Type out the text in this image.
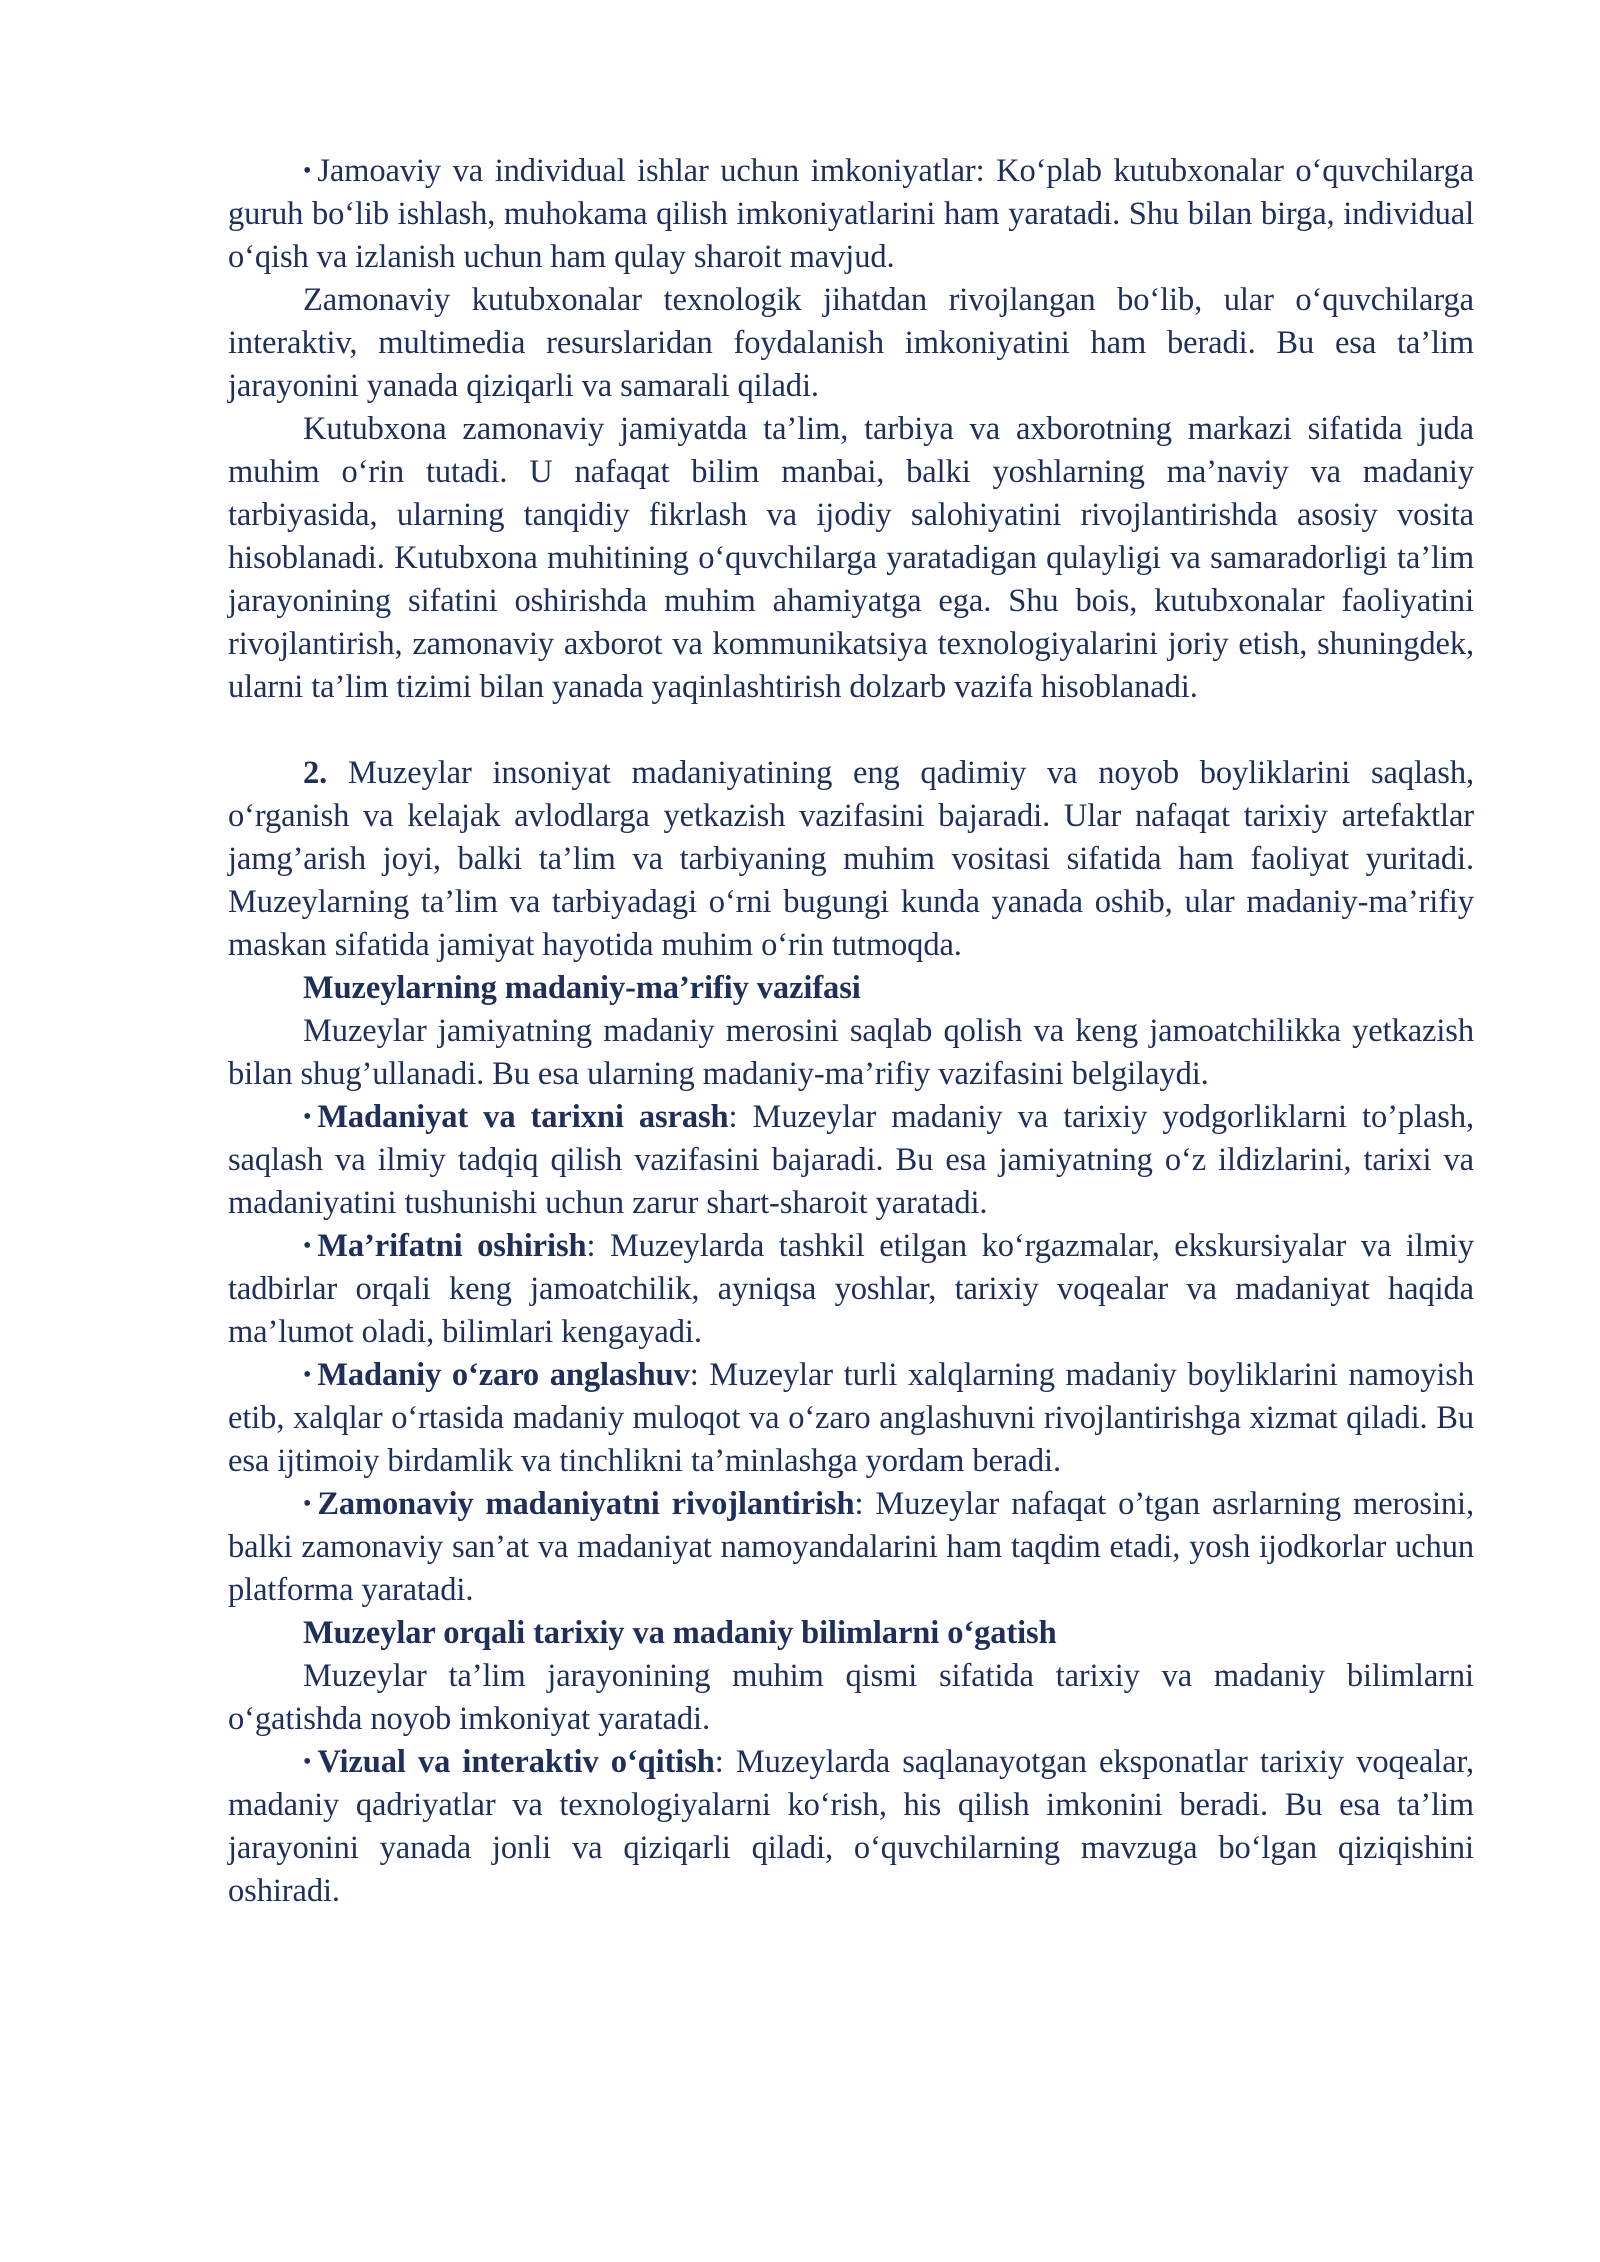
• Jamoaviy va individual ishlar uchun imkoniyatlar: Ko‘plab kutubxonalar o‘quvchilarga guruh bo‘lib ishlash, muhokama qilish imkoniyatlarini ham yaratadi. Shu bilan birga, individual o‘qish va izlanish uchun ham qulay sharoit mavjud.

Zamonaviy kutubxonalar texnologik jihatdan rivojlangan bo‘lib, ular o‘quvchilarga interaktiv, multimedia resurslaridan foydalanish imkoniyatini ham beradi. Bu esa ta’lim jarayonini yanada qiziqarli va samarali qiladi.

Kutubxona zamonaviy jamiyatda ta’lim, tarbiya va axborotning markazi sifatida juda muhim o‘rin tutadi. U nafaqat bilim manbai, balki yoshlarning ma’naviy va madaniy tarbiyasida, ularning tanqidiy fikrlash va ijodiy salohiyatini rivojlantirishda asosiy vosita hisoblanadi. Kutubxona muhitining o‘quvchilarga yaratadigan qulayligi va samaradorligi ta’lim jarayonining sifatini oshirishda muhim ahamiyatga ega. Shu bois, kutubxonalar faoliyatini rivojlantirish, zamonaviy axborot va kommunikatsiya texnologiyalarini joriy etish, shuningdek, ularni ta’lim tizimi bilan yanada yaqinlashtirish dolzarb vazifa hisoblanadi.

2. Muzeylar insoniyat madaniyatining eng qadimiy va noyob boyliklarini saqlash, o‘rganish va kelajak avlodlarga yetkazish vazifasini bajaradi. Ular nafaqat tarixiy artefaktlar jamg’arish joyi, balki ta’lim va tarbiyaning muhim vositasi sifatida ham faoliyat yuritadi. Muzeylarning ta’lim va tarbiyadagi o‘rni bugungi kunda yanada oshib, ular madaniy-ma’rifiy maskan sifatida jamiyat hayotida muhim o‘rin tutmoqda.

Muzeylarning madaniy-ma’rifiy vazifasi

Muzeylar jamiyatning madaniy merosini saqlab qolish va keng jamoatchilikka yetkazish bilan shug’ullanadi. Bu esa ularning madaniy-ma’rifiy vazifasini belgilaydi.

• Madaniyat va tarixni asrash: Muzeylar madaniy va tarixiy yodgorliklarni to’plash, saqlash va ilmiy tadqiq qilish vazifasini bajaradi. Bu esa jamiyatning o‘z ildizlarini, tarixi va madaniyatini tushunishi uchun zarur shart-sharoit yaratadi.

• Ma’rifatni oshirish: Muzeylarda tashkil etilgan ko‘rgazmalar, ekskursiyalar va ilmiy tadbirlar orqali keng jamoatchilik, ayniqsa yoshlar, tarixiy voqealar va madaniyat haqida ma’lumot oladi, bilimlari kengayadi.

• Madaniy o‘zaro anglashuv: Muzeylar turli xalqlarning madaniy boyliklarini namoyish etib, xalqlar o‘rtasida madaniy muloqot va o‘zaro anglashuvni rivojlantirishga xizmat qiladi. Bu esa ijtimoiy birdamlik va tinchlikni ta’minlashga yordam beradi.

• Zamonaviy madaniyatni rivojlantirish: Muzeylar nafaqat o’tgan asrlarning merosini, balki zamonaviy san’at va madaniyat namoyandalarini ham taqdim etadi, yosh ijodkorlar uchun platforma yaratadi.

Muzeylar orqali tarixiy va madaniy bilimlarni o‘gatish

Muzeylar ta’lim jarayonining muhim qismi sifatida tarixiy va madaniy bilimlarni o‘gatishda noyob imkoniyat yaratadi.

• Vizual va interaktiv o‘qitish: Muzeylarda saqlanayotgan eksponatlar tarixiy voqealar, madaniy qadriyatlar va texnologiyalarni ko‘rish, his qilish imkonini beradi. Bu esa ta’lim jarayonini yanada jonli va qiziqarli qiladi, o‘quvchilarning mavzuga bo‘lgan qiziqishini oshiradi.
